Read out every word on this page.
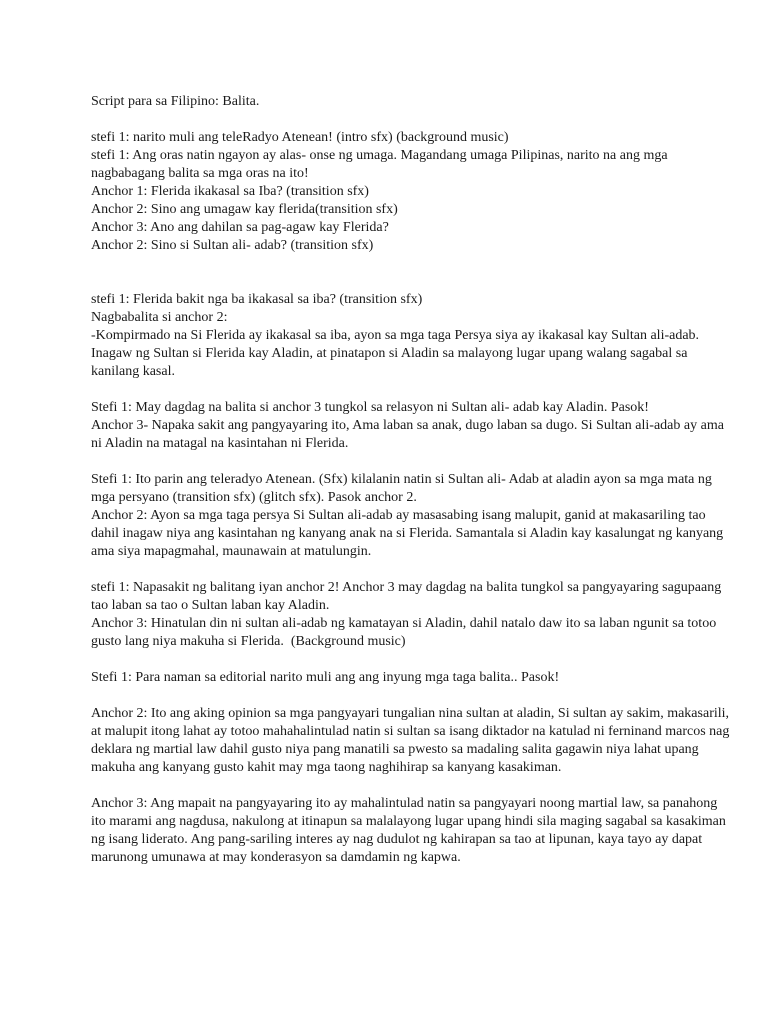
Script para sa Filipino: Balita.

stefi 1: narito muli ang teleRadyo Atenean! (intro sfx) (background music)

stefi 1: Ang oras natin ngayon ay alas- onse ng umaga. Magandang umaga Pilipinas, narito na ang mga nagbabagang balita sa mga oras na ito!

Anchor 1: Flerida ikakasal sa Iba? (transition sfx)

Anchor 2: Sino ang umagaw kay flerida(transition sfx)

Anchor 3: Ano ang dahilan sa pag-agaw kay Flerida?

Anchor 2: Sino si Sultan ali- adab? (transition sfx)

stefi 1: Flerida bakit nga ba ikakasal sa iba? (transition sfx)

Nagbabalita si anchor 2:

-Kompirmado na Si Flerida ay ikakasal sa iba, ayon sa mga taga Persya siya ay ikakasal kay Sultan ali-adab. Inagaw ng Sultan si Flerida kay Aladin, at pinatapon si Aladin sa malayong lugar upang walang sagabal sa kanilang kasal.

Stefi 1: May dagdag na balita si anchor 3 tungkol sa relasyon ni Sultan ali- adab kay Aladin. Pasok!

Anchor 3- Napaka sakit ang pangyayaring ito, Ama laban sa anak, dugo laban sa dugo. Si Sultan ali-adab ay ama ni Aladin na matagal na kasintahan ni Flerida.

Stefi 1: Ito parin ang teleradyo Atenean. (Sfx) kilalanin natin si Sultan ali- Adab at aladin ayon sa mga mata ng mga persyano (transition sfx) (glitch sfx). Pasok anchor 2.

Anchor 2: Ayon sa mga taga persya Si Sultan ali-adab ay masasabing isang malupit, ganid at makasariling tao dahil inagaw niya ang kasintahan ng kanyang anak na si Flerida. Samantala si Aladin kay kasalungat ng kanyang ama siya mapagmahal, maunawain at matulungin.

stefi 1: Napasakit ng balitang iyan anchor 2! Anchor 3 may dagdag na balita tungkol sa pangyayaring sagupaang tao laban sa tao o Sultan laban kay Aladin.

Anchor 3: Hinatulan din ni sultan ali-adab ng kamatayan si Aladin, dahil natalo daw ito sa laban ngunit sa totoo gusto lang niya makuha si Flerida.  (Background music)

Stefi 1: Para naman sa editorial narito muli ang ang inyung mga taga balita.. Pasok!

Anchor 2: Ito ang aking opinion sa mga pangyayari tungalian nina sultan at aladin, Si sultan ay sakim, makasarili, at malupit itong lahat ay totoo mahahalintulad natin si sultan sa isang diktador na katulad ni ferninand marcos nag deklara ng martial law dahil gusto niya pang manatili sa pwesto sa madaling salita gagawin niya lahat upang makuha ang kanyang gusto kahit may mga taong naghihirap sa kanyang kasakiman.

Anchor 3: Ang mapait na pangyayaring ito ay mahalintulad natin sa pangyayari noong martial law, sa panahong ito marami ang nagdusa, nakulong at itinapun sa malalayong lugar upang hindi sila maging sagabal sa kasakiman ng isang liderato. Ang pang-sariling interes ay nag dudulot ng kahirapan sa tao at lipunan, kaya tayo ay dapat marunong umunawa at may konderasyon sa damdamin ng kapwa.
